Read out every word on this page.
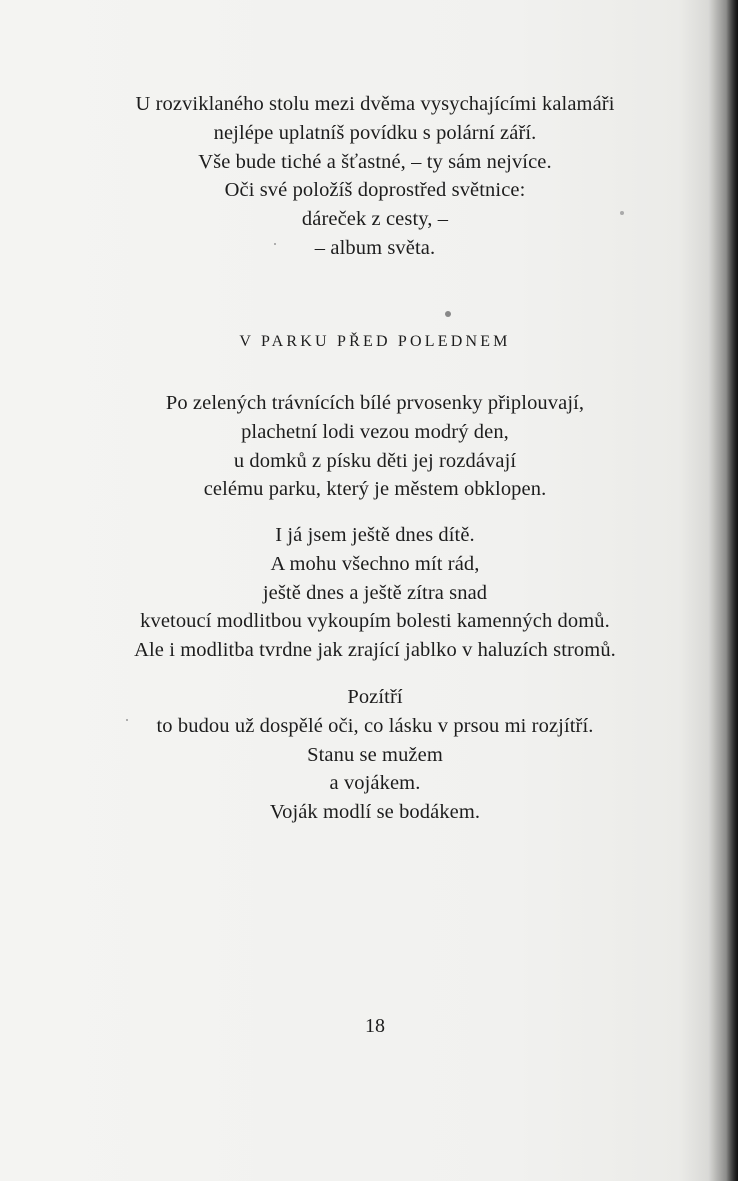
U rozviklaného stolu mezi dvěma vysychajícími kalamáři
nejlépe uplatníš povídku s polární září.
Vše bude tiché a šťastné, – ty sám nejvíce.
Oči své položíš doprostřed světnice:
dáreček z cesty, –
– album světa.
V PARKU PŘED POLEDNEM
Po zelených trávnících bílé prvosenky připlouvají,
plachetní lodi vezou modrý den,
u domků z písku děti jej rozdávají
celému parku, který je městem obklopen.
I já jsem ještě dnes dítě.
A mohu všechno mít rád,
ještě dnes a ještě zítra snad
kvetoucí modlitbou vykoupím bolesti kamenných domů.
Ale i modlitba tvrdne jak zrající jablko v haluzích stromů.
Pozítří
to budou už dospělé oči, co lásku v prsou mi rozjítří.
Stanu se mužem
a vojákem.
Voják modlí se bodákem.
18
